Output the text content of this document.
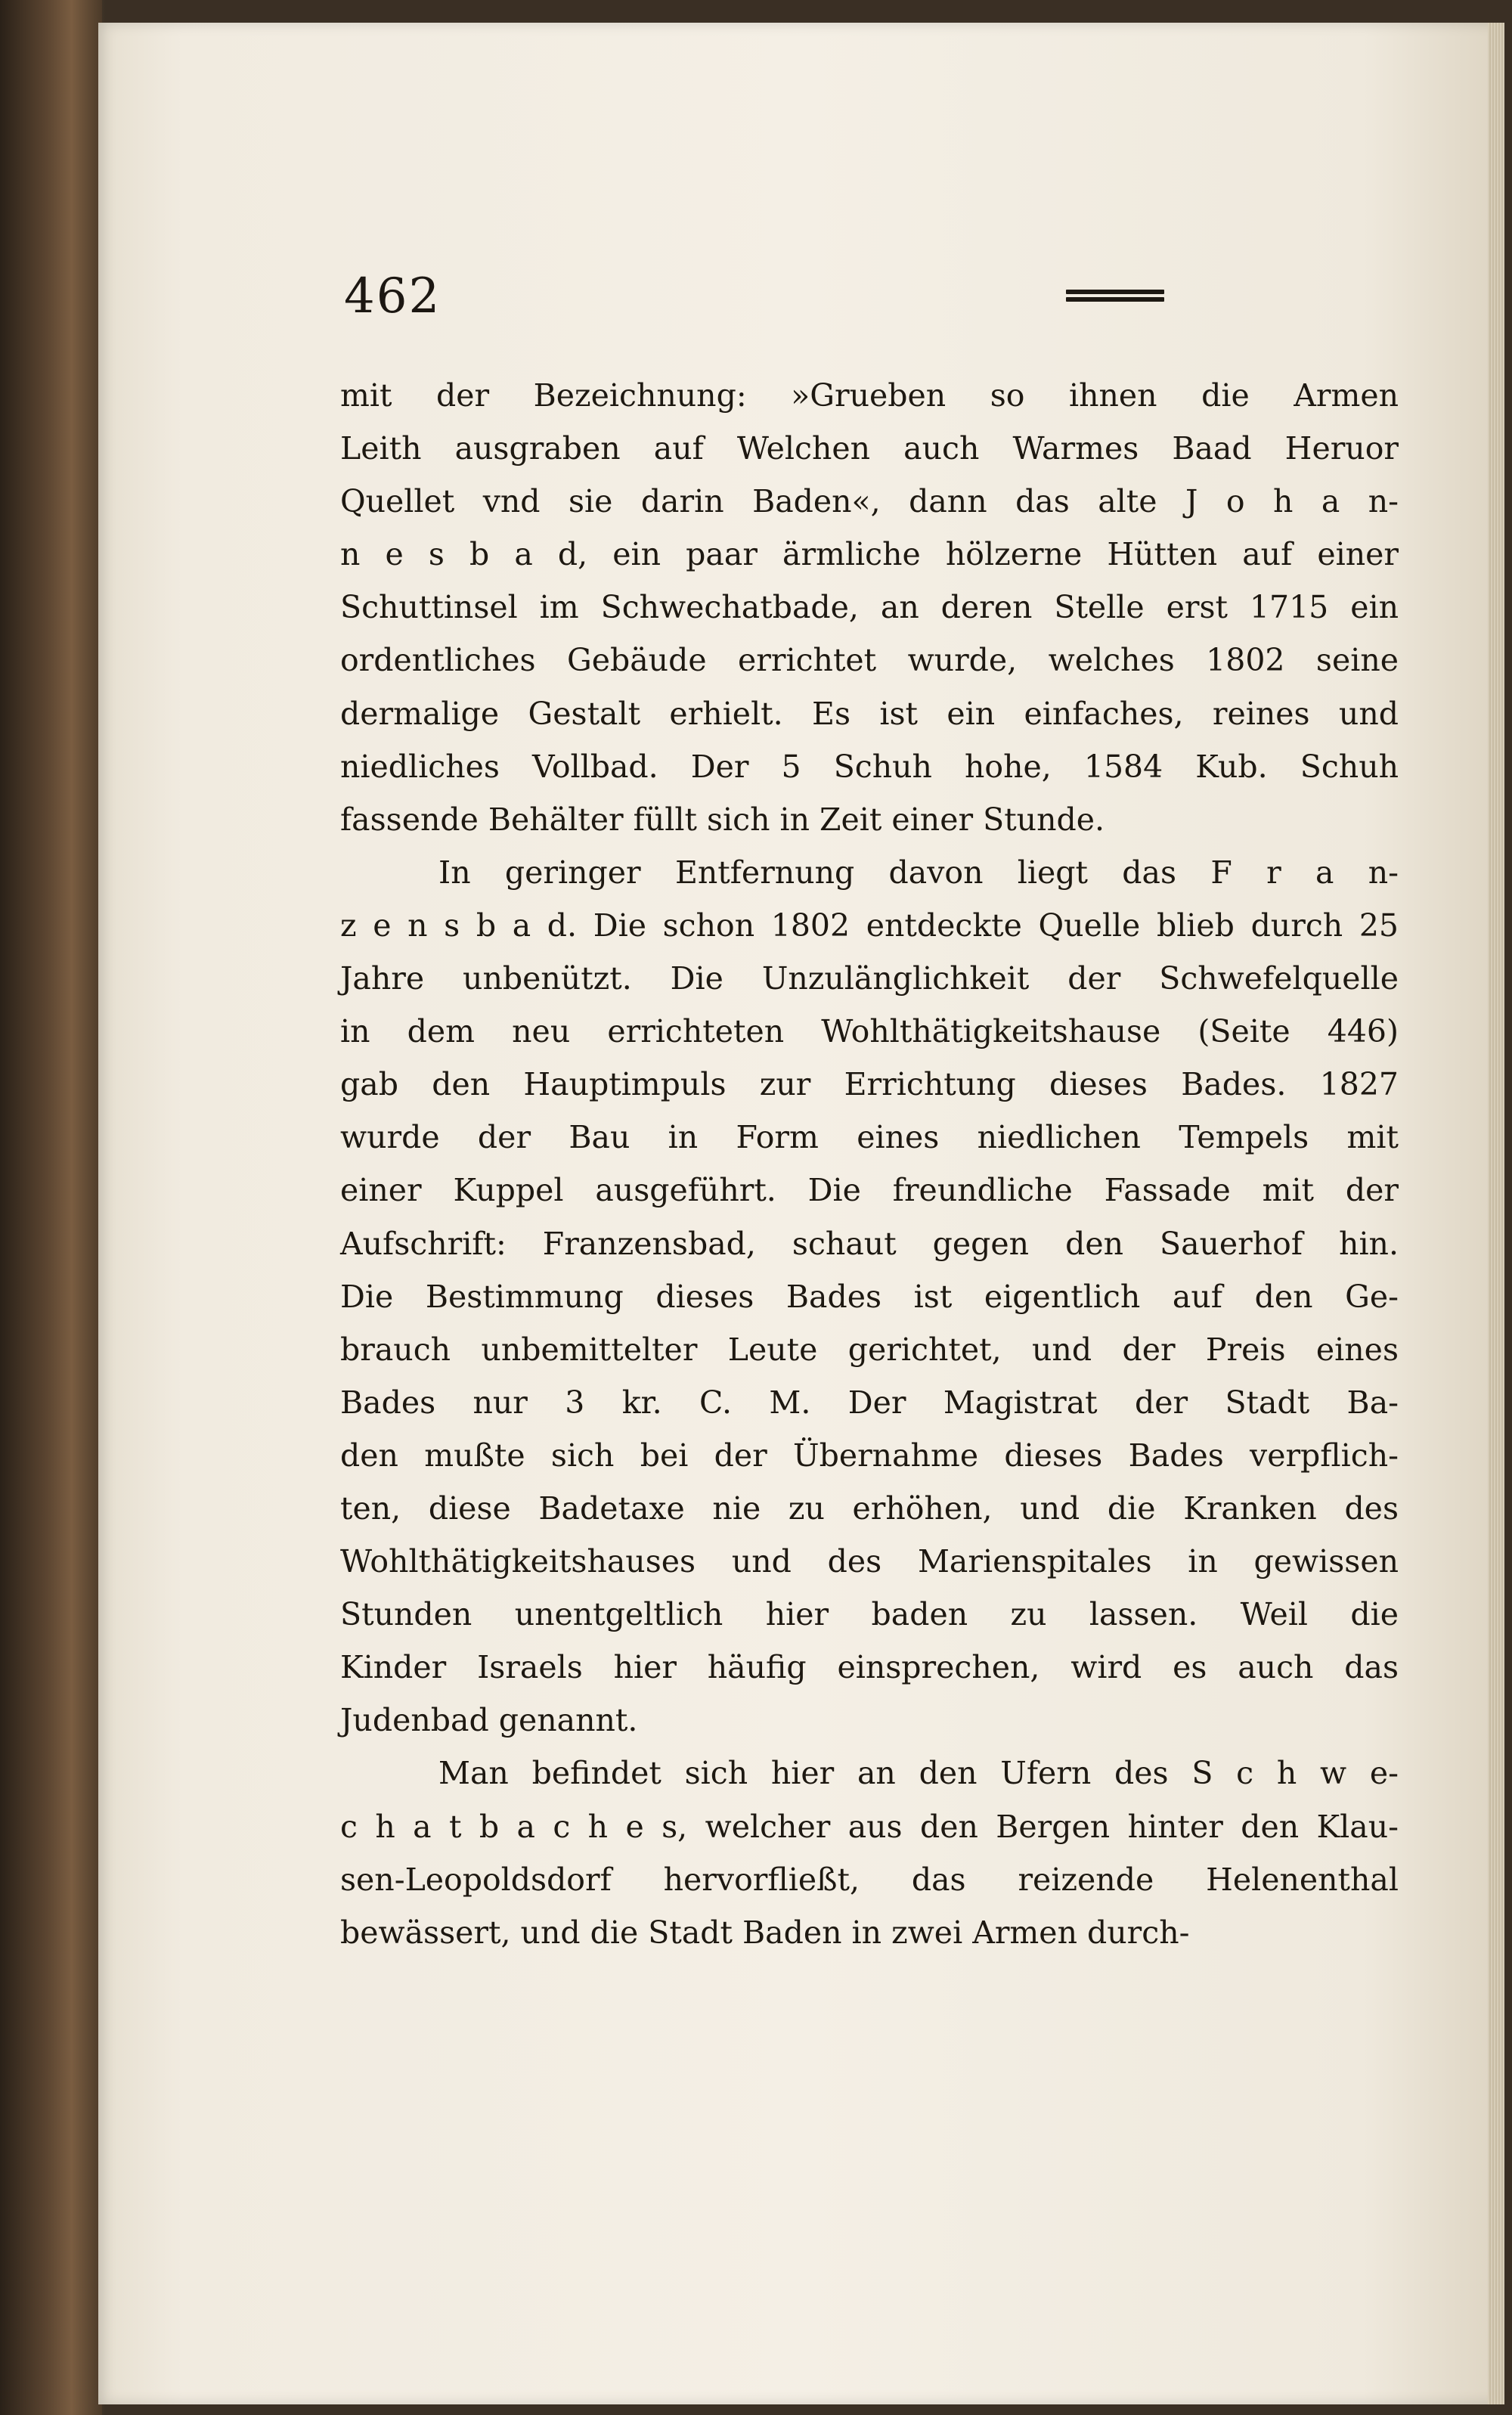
462
mit der Bezeichnung: »Grueben so ihnen die Armen
Leith ausgraben auf Welchen auch Warmes Baad Heruor
Quellet vnd sie darin Baden«, dann das alte J o h a n-
n e s b a d, ein paar ärmliche hölzerne Hütten auf einer
Schuttinsel im Schwechatbade, an deren Stelle erst 1715 ein
ordentliches Gebäude errichtet wurde, welches 1802 seine
dermalige Gestalt erhielt. Es ist ein einfaches, reines und
niedliches Vollbad. Der 5 Schuh hohe, 1584 Kub. Schuh
fassende Behälter füllt sich in Zeit einer Stunde.
In geringer Entfernung davon liegt das F r a n-
z e n s b a d. Die schon 1802 entdeckte Quelle blieb durch 25
Jahre unbenützt. Die Unzulänglichkeit der Schwefelquelle
in dem neu errichteten Wohlthätigkeitshause (Seite 446)
gab den Hauptimpuls zur Errichtung dieses Bades. 1827
wurde der Bau in Form eines niedlichen Tempels mit
einer Kuppel ausgeführt. Die freundliche Fassade mit der
Aufschrift: Franzensbad, schaut gegen den Sauerhof hin.
Die Bestimmung dieses Bades ist eigentlich auf den Ge-
brauch unbemittelter Leute gerichtet, und der Preis eines
Bades nur 3 kr. C. M. Der Magistrat der Stadt Ba-
den mußte sich bei der Übernahme dieses Bades verpflich-
ten, diese Badetaxe nie zu erhöhen, und die Kranken des
Wohlthätigkeitshauses und des Marienspitales in gewissen
Stunden unentgeltlich hier baden zu lassen. Weil die
Kinder Israels hier häufig einsprechen, wird es auch das
Judenbad genannt.
Man befindet sich hier an den Ufern des S c h w e-
c h a t b a c h e s, welcher aus den Bergen hinter den Klau-
sen-Leopoldsdorf hervorfließt, das reizende Helenenthal
bewässert, und die Stadt Baden in zwei Armen durch-
